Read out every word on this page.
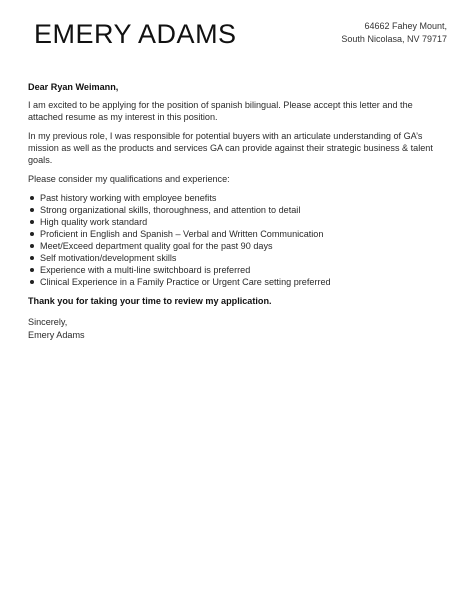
EMERY ADAMS	64662 Fahey Mount,
South Nicolasa, NV 79717

Dear Ryan Weimann,

I am excited to be applying for the position of spanish bilingual. Please accept this letter and the attached resume as my interest in this position.

In my previous role, I was responsible for potential buyers with an articulate understanding of GA’s mission as well as the products and services GA can provide against their strategic business & talent goals.

Please consider my qualifications and experience:

Past history working with employee benefits
Strong organizational skills, thoroughness, and attention to detail
High quality work standard
Proficient in English and Spanish – Verbal and Written Communication
Meet/Exceed department quality goal for the past 90 days
Self motivation/development skills
Experience with a multi-line switchboard is preferred
Clinical Experience in a Family Practice or Urgent Care setting preferred

Thank you for taking your time to review my application.

Sincerely,
Emery Adams
